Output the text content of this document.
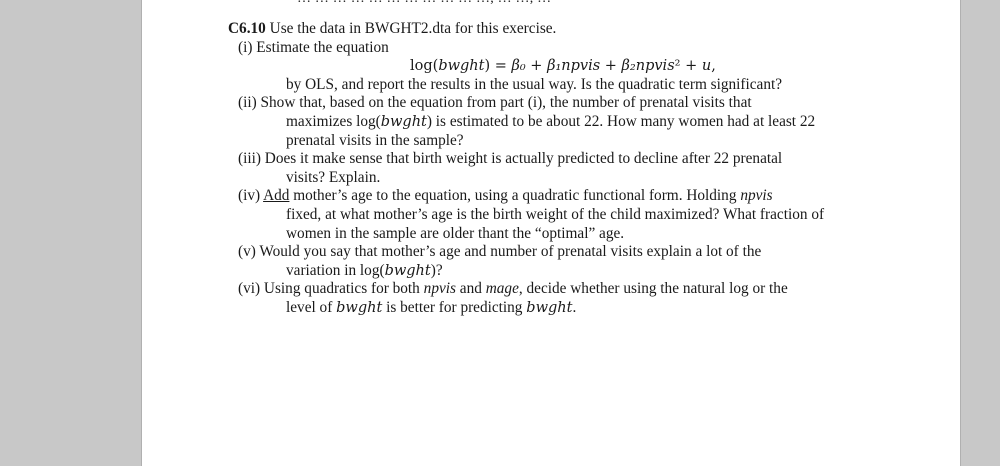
C6.10 Use the data in BWGHT2.dta for this exercise.
(i) Estimate the equation
log(bwght) = β₀ + β₁npvis + β₂npvis² + u,
by OLS, and report the results in the usual way. Is the quadratic term significant?
(ii) Show that, based on the equation from part (i), the number of prenatal visits that
maximizes log(bwght) is estimated to be about 22. How many women had at least 22
prenatal visits in the sample?
(iii) Does it make sense that birth weight is actually predicted to decline after 22 prenatal
visits? Explain.
(iv) Add mother’s age to the equation, using a quadratic functional form. Holding npvis
fixed, at what mother’s age is the birth weight of the child maximized? What fraction of
women in the sample are older thant the “optimal” age.
(v) Would you say that mother’s age and number of prenatal visits explain a lot of the
variation in log(bwght)?
(vi) Using quadratics for both npvis and mage, decide whether using the natural log or the
level of bwght is better for predicting bwght.
